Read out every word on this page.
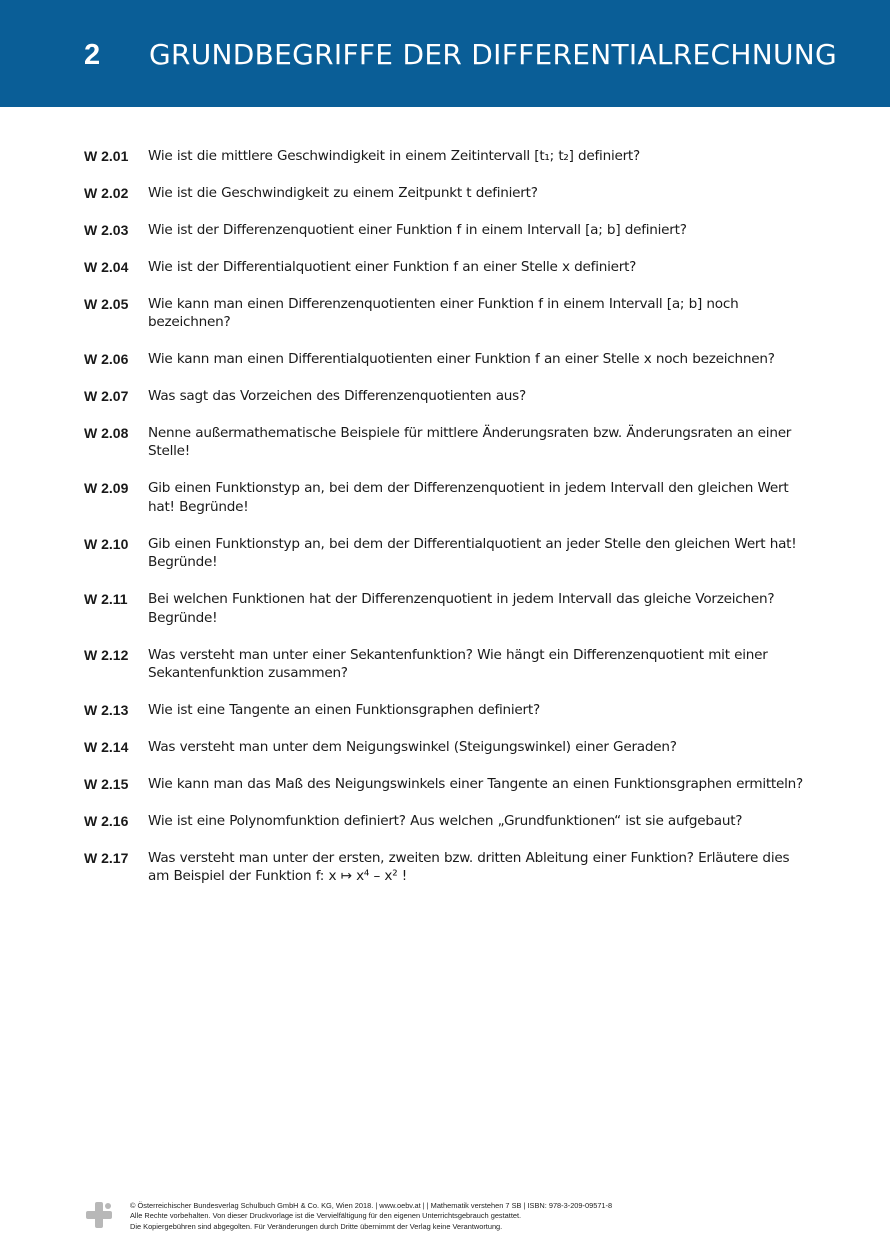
2 GRUNDBEGRIFFE DER DIFFERENTIALRECHNUNG
W 2.01	Wie ist die mittlere Geschwindigkeit in einem Zeitintervall [t₁; t₂] definiert?
W 2.02	Wie ist die Geschwindigkeit zu einem Zeitpunkt t definiert?
W 2.03	Wie ist der Differenzenquotient einer Funktion f in einem Intervall [a; b] definiert?
W 2.04	Wie ist der Differentialquotient einer Funktion f an einer Stelle x definiert?
W 2.05	Wie kann man einen Differenzenquotienten einer Funktion f in einem Intervall [a; b] noch bezeichnen?
W 2.06	Wie kann man einen Differentialquotienten einer Funktion f an einer Stelle x noch bezeichnen?
W 2.07	Was sagt das Vorzeichen des Differenzenquotienten aus?
W 2.08	Nenne außermathematische Beispiele für mittlere Änderungsraten bzw. Änderungsraten an einer Stelle!
W 2.09	Gib einen Funktionstyp an, bei dem der Differenzenquotient in jedem Intervall den gleichen Wert hat! Begründe!
W 2.10	Gib einen Funktionstyp an, bei dem der Differentialquotient an jeder Stelle den gleichen Wert hat! Begründe!
W 2.11	Bei welchen Funktionen hat der Differenzenquotient in jedem Intervall das gleiche Vorzeichen? Begründe!
W 2.12	Was versteht man unter einer Sekantenfunktion? Wie hängt ein Differenzenquotient mit einer Sekantenfunktion zusammen?
W 2.13	Wie ist eine Tangente an einen Funktionsgraphen definiert?
W 2.14	Was versteht man unter dem Neigungswinkel (Steigungswinkel) einer Geraden?
W 2.15	Wie kann man das Maß des Neigungswinkels einer Tangente an einen Funktionsgraphen ermitteln?
W 2.16	Wie ist eine Polynomfunktion definiert? Aus welchen „Grundfunktionen“ ist sie aufgebaut?
W 2.17	Was versteht man unter der ersten, zweiten bzw. dritten Ableitung einer Funktion? Erläutere dies am Beispiel der Funktion f: x ↦ x⁴ – x² !
© Österreichischer Bundesverlag Schulbuch GmbH & Co. KG, Wien 2018. | www.oebv.at | | Mathematik verstehen 7 SB | ISBN: 978-3-209-09571-8
Alle Rechte vorbehalten. Von dieser Druckvorlage ist die Vervielfältigung für den eigenen Unterrichtsgebrauch gestattet.
Die Kopiergebühren sind abgegolten. Für Veränderungen durch Dritte übernimmt der Verlag keine Verantwortung.
